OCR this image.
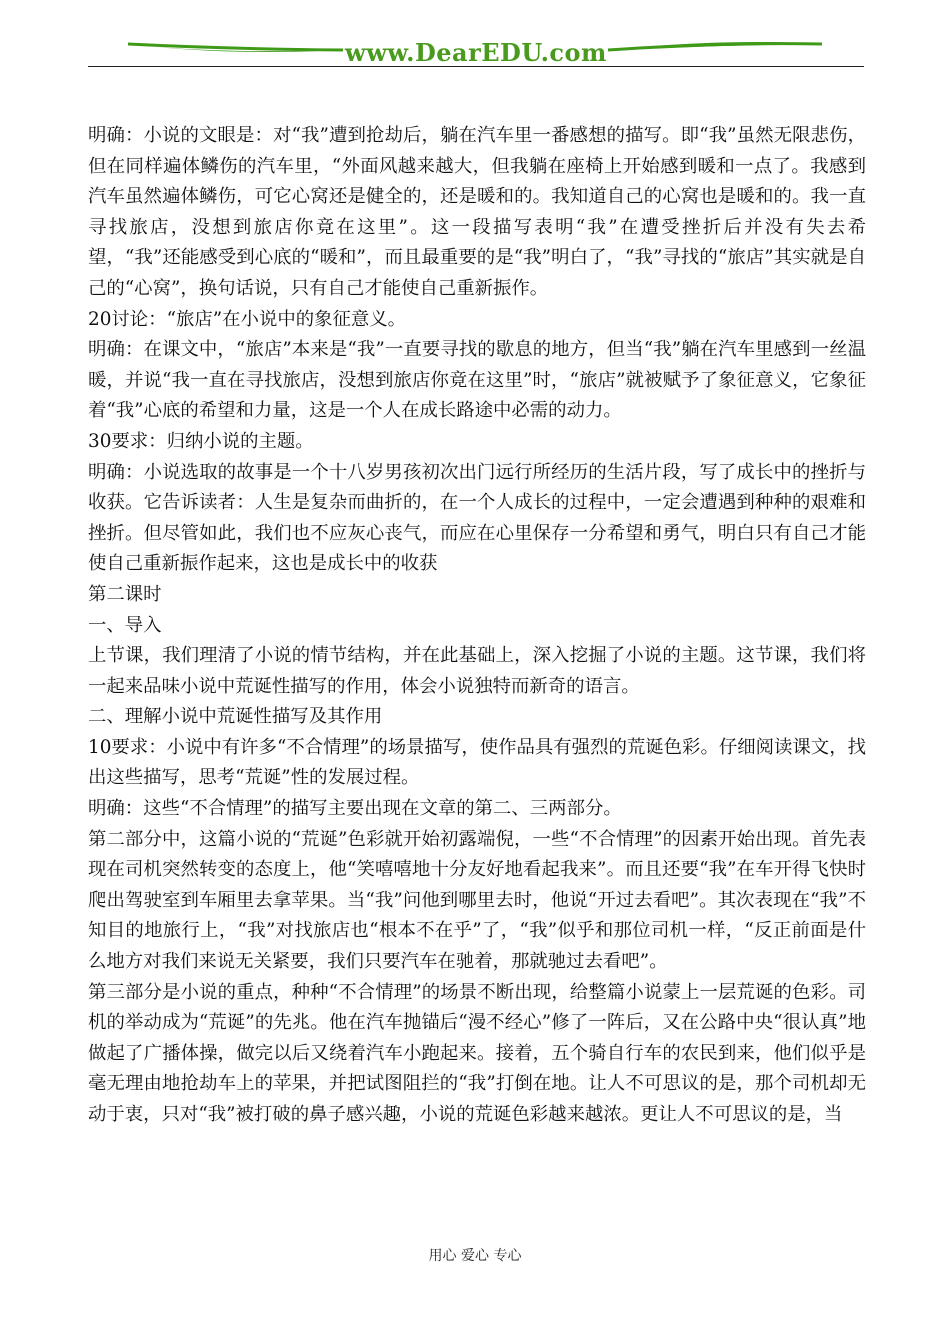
www.DearEDU.com

明确：小说的文眼是：对“我”遭到抢劫后，躺在汽车里一番感想的描写。即“我”虽然无限悲伤，但在同样遍体鳞伤的汽车里，“外面风越来越大，但我躺在座椅上开始感到暖和一点了。我感到汽车虽然遍体鳞伤，可它心窝还是健全的，还是暖和的。我知道自己的心窝也是暖和的。我一直寻找旅店，没想到旅店你竟在这里”。这一段描写表明“我”在遭受挫折后并没有失去希望，“我”还能感受到心底的“暖和”，而且最重要的是“我”明白了，“我”寻找的“旅店”其实就是自己的“心窝”，换句话说，只有自己才能使自己重新振作。

20讨论：“旅店”在小说中的象征意义。

明确：在课文中，“旅店”本来是“我”一直要寻找的歇息的地方，但当“我”躺在汽车里感到一丝温暖，并说“我一直在寻找旅店，没想到旅店你竟在这里”时，“旅店”就被赋予了象征意义，它象征着“我”心底的希望和力量，这是一个人在成长路途中必需的动力。

30要求：归纳小说的主题。

明确：小说选取的故事是一个十八岁男孩初次出门远行所经历的生活片段，写了成长中的挫折与收获。它告诉读者：人生是复杂而曲折的，在一个人成长的过程中，一定会遭遇到种种的艰难和挫折。但尽管如此，我们也不应灰心丧气，而应在心里保存一分希望和勇气，明白只有自己才能使自己重新振作起来，这也是成长中的收获

第二课时

一、导入

上节课，我们理清了小说的情节结构，并在此基础上，深入挖掘了小说的主题。这节课，我们将一起来品味小说中荒诞性描写的作用，体会小说独特而新奇的语言。

二、理解小说中荒诞性描写及其作用

10要求：小说中有许多“不合情理”的场景描写，使作品具有强烈的荒诞色彩。仔细阅读课文，找出这些描写，思考“荒诞”性的发展过程。

明确：这些“不合情理”的描写主要出现在文章的第二、三两部分。

第二部分中，这篇小说的“荒诞”色彩就开始初露端倪，一些“不合情理”的因素开始出现。首先表现在司机突然转变的态度上，他“笑嘻嘻地十分友好地看起我来”。而且还要“我”在车开得飞快时爬出驾驶室到车厢里去拿苹果。当“我”问他到哪里去时，他说“开过去看吧”。其次表现在“我”不知目的地旅行上，“我”对找旅店也“根本不在乎”了，“我”似乎和那位司机一样，“反正前面是什么地方对我们来说无关紧要，我们只要汽车在驰着，那就驰过去看吧”。

第三部分是小说的重点，种种“不合情理”的场景不断出现，给整篇小说蒙上一层荒诞的色彩。司机的举动成为“荒诞”的先兆。他在汽车抛锚后“漫不经心”修了一阵后，又在公路中央“很认真”地做起了广播体操，做完以后又绕着汽车小跑起来。接着，五个骑自行车的农民到来，他们似乎是毫无理由地抢劫车上的苹果，并把试图阻拦的“我”打倒在地。让人不可思议的是，那个司机却无动于衷，只对“我”被打破的鼻子感兴趣，小说的荒诞色彩越来越浓。更让人不可思议的是，当

用心 爱心 专心
